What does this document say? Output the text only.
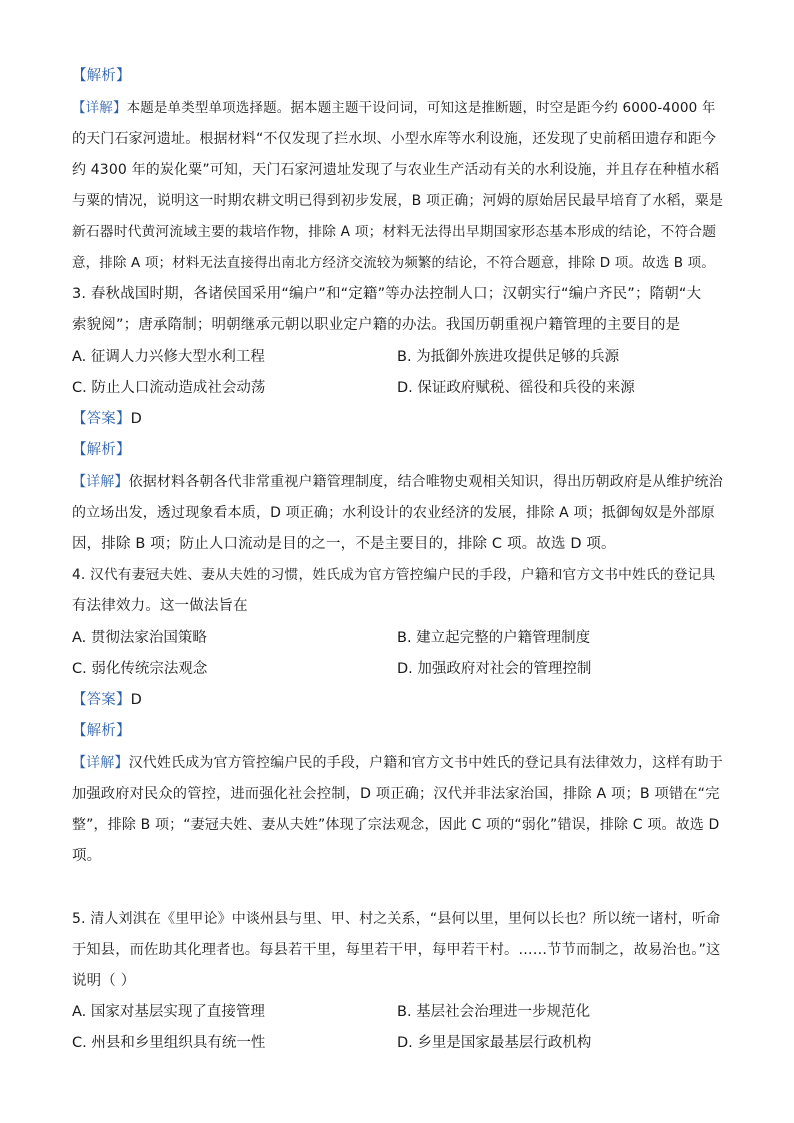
【解析】
【详解】本题是单类型单项选择题。据本题主题干设问词，可知这是推断题，时空是距今约 6000-4000 年
的天门石家河遗址。根据材料“不仅发现了拦水坝、小型水库等水利设施，还发现了史前稻田遗存和距今
约 4300 年的炭化粟”可知，天门石家河遗址发现了与农业生产活动有关的水利设施，并且存在种植水稻
与粟的情况，说明这一时期农耕文明已得到初步发展，B 项正确；河姆的原始居民最早培育了水稻，粟是
新石器时代黄河流域主要的栽培作物，排除 A 项；材料无法得出早期国家形态基本形成的结论，不符合题
意，排除 A 项；材料无法直接得出南北方经济交流较为频繁的结论，不符合题意，排除 D 项。故选 B 项。
3. 春秋战国时期，各诸侯国采用“编户”和“定籍”等办法控制人口；汉朝实行“编户齐民”；隋朝“大
索貌阅”；唐承隋制；明朝继承元朝以职业定户籍的办法。我国历朝重视户籍管理的主要目的是
A. 征调人力兴修大型水利工程	B. 为抵御外族进攻提供足够的兵源
C. 防止人口流动造成社会动荡	D. 保证政府赋税、徭役和兵役的来源
【答案】D
【解析】
【详解】依据材料各朝各代非常重视户籍管理制度，结合唯物史观相关知识，得出历朝政府是从维护统治
的立场出发，透过现象看本质，D 项正确；水利设计的农业经济的发展，排除 A 项；抵御匈奴是外部原
因，排除 B 项；防止人口流动是目的之一，不是主要目的，排除 C 项。故选 D 项。
4. 汉代有妻冠夫姓、妻从夫姓的习惯，姓氏成为官方管控编户民的手段，户籍和官方文书中姓氏的登记具
有法律效力。这一做法旨在
A. 贯彻法家治国策略	B. 建立起完整的户籍管理制度
C. 弱化传统宗法观念	D. 加强政府对社会的管理控制
【答案】D
【解析】
【详解】汉代姓氏成为官方管控编户民的手段，户籍和官方文书中姓氏的登记具有法律效力，这样有助于
加强政府对民众的管控，进而强化社会控制，D 项正确；汉代并非法家治国，排除 A 项；B 项错在“完
整”，排除 B 项；“妻冠夫姓、妻从夫姓”体现了宗法观念，因此 C 项的“弱化”错误，排除 C 项。故选 D
项。
5. 清人刘淇在《里甲论》中谈州县与里、甲、村之关系，“县何以里，里何以长也？所以统一诸村，听命
于知县，而佐助其化理者也。每县若干里，每里若干甲，每甲若干村。……节节而制之，故易治也。”这
说明（ ）
A. 国家对基层实现了直接管理	B. 基层社会治理进一步规范化
C. 州县和乡里组织具有统一性	D. 乡里是国家最基层行政机构
